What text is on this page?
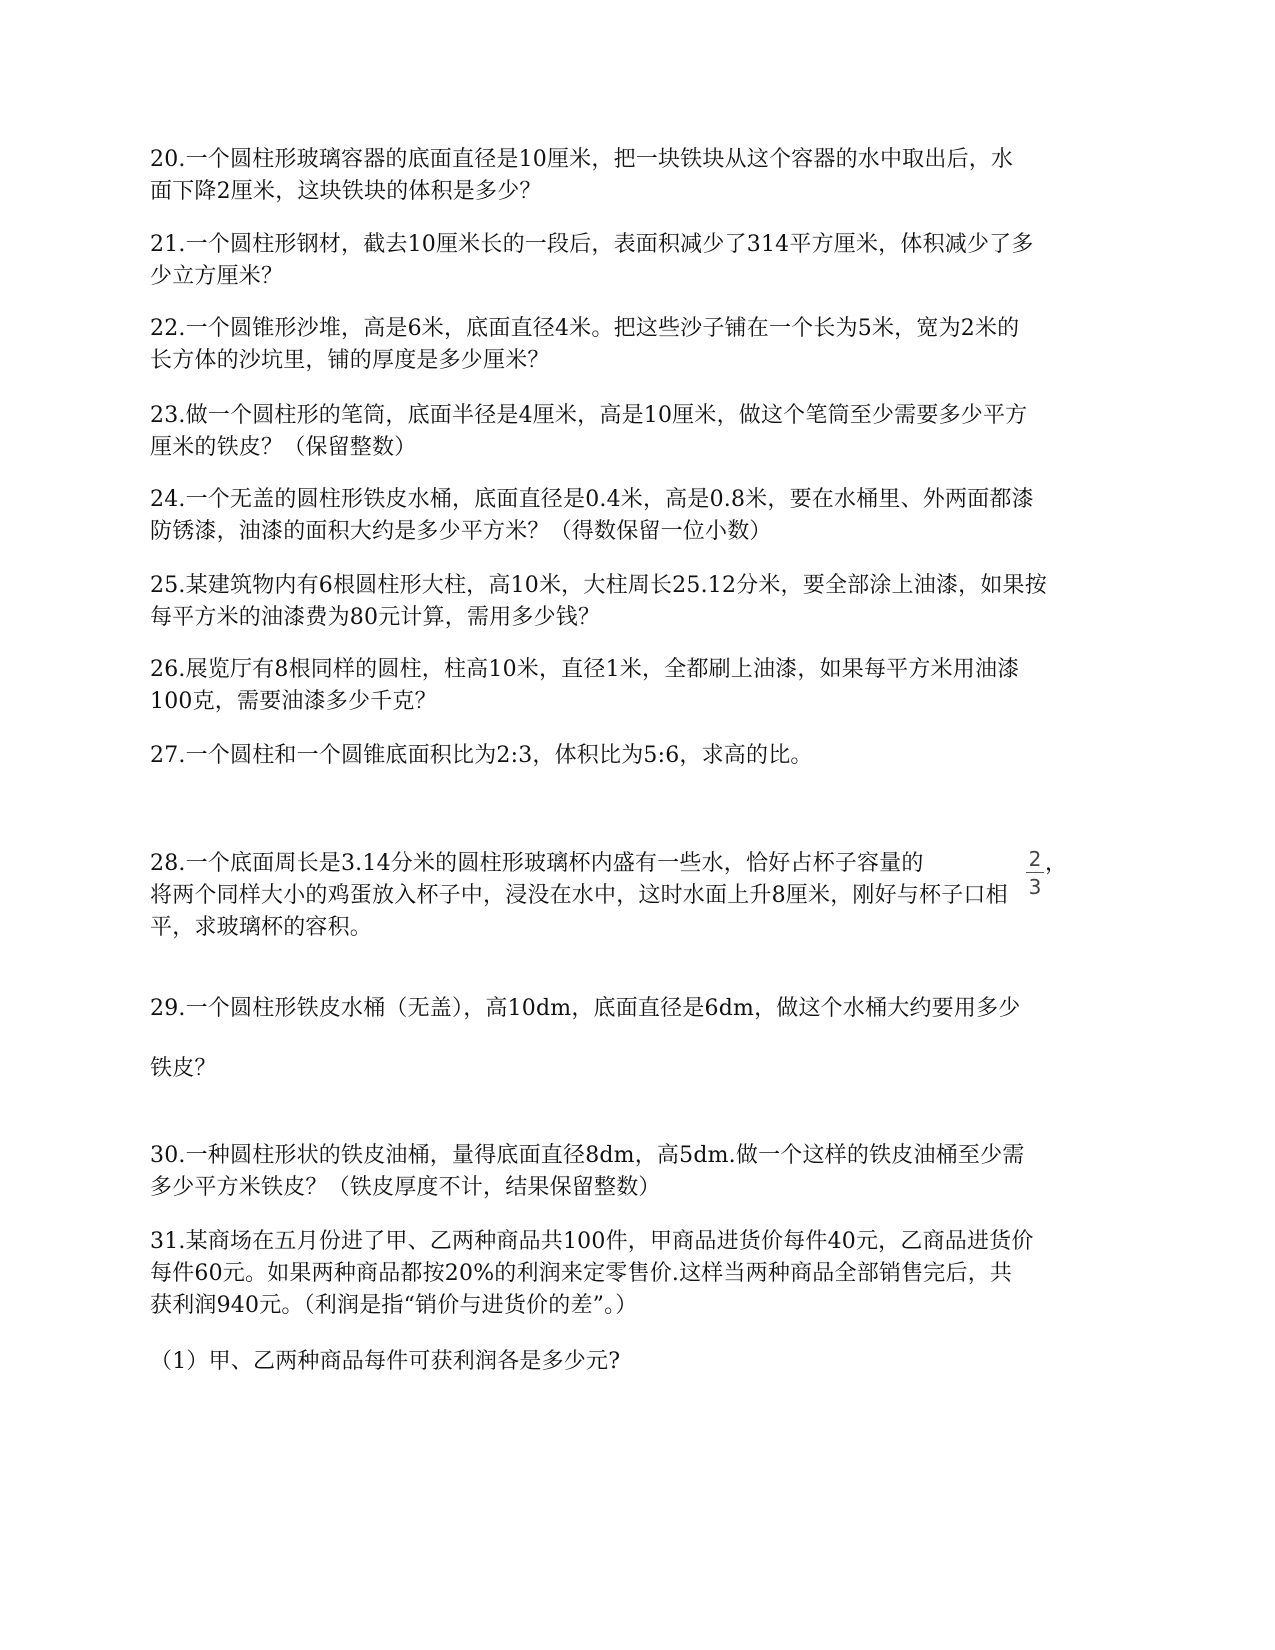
20.一个圆柱形玻璃容器的底面直径是10厘米，把一块铁块从这个容器的水中取出后，水
面下降2厘米，这块铁块的体积是多少？
21.一个圆柱形钢材，截去10厘米长的一段后，表面积减少了314平方厘米，体积减少了多
少立方厘米？
22.一个圆锥形沙堆，高是6米，底面直径4米。把这些沙子铺在一个长为5米，宽为2米的
长方体的沙坑里，铺的厚度是多少厘米？
23.做一个圆柱形的笔筒，底面半径是4厘米，高是10厘米，做这个笔筒至少需要多少平方
厘米的铁皮？（保留整数）
24.一个无盖的圆柱形铁皮水桶，底面直径是0.4米，高是0.8米，要在水桶里、外两面都漆
防锈漆，油漆的面积大约是多少平方米？（得数保留一位小数）
25.某建筑物内有6根圆柱形大柱，高10米，大柱周长25.12分米，要全部涂上油漆，如果按
每平方米的油漆费为80元计算，需用多少钱？
26.展览厅有8根同样的圆柱，柱高10米，直径1米，全都刷上油漆，如果每平方米用油漆
100克，需要油漆多少千克？
27.一个圆柱和一个圆锥底面积比为2:3，体积比为5:6，求高的比。
2
3
28.一个底面周长是3.14分米的圆柱形玻璃杯内盛有一些水，恰好占杯子容量的	，
将两个同样大小的鸡蛋放入杯子中，浸没在水中，这时水面上升8厘米，刚好与杯子口相
平，求玻璃杯的容积。
29.一个圆柱形铁皮水桶（无盖），高10dm，底面直径是6dm，做这个水桶大约要用多少
铁皮？
30.一种圆柱形状的铁皮油桶，量得底面直径8dm，高5dm.做一个这样的铁皮油桶至少需
多少平方米铁皮？（铁皮厚度不计，结果保留整数）
31.某商场在五月份进了甲、乙两种商品共100件，甲商品进货价每件40元，乙商品进货价
每件60元。如果两种商品都按20%的利润来定零售价.这样当两种商品全部销售完后，共
获利润940元。（利润是指“销价与进货价的差”。）
（1）甲、乙两种商品每件可获利润各是多少元?
